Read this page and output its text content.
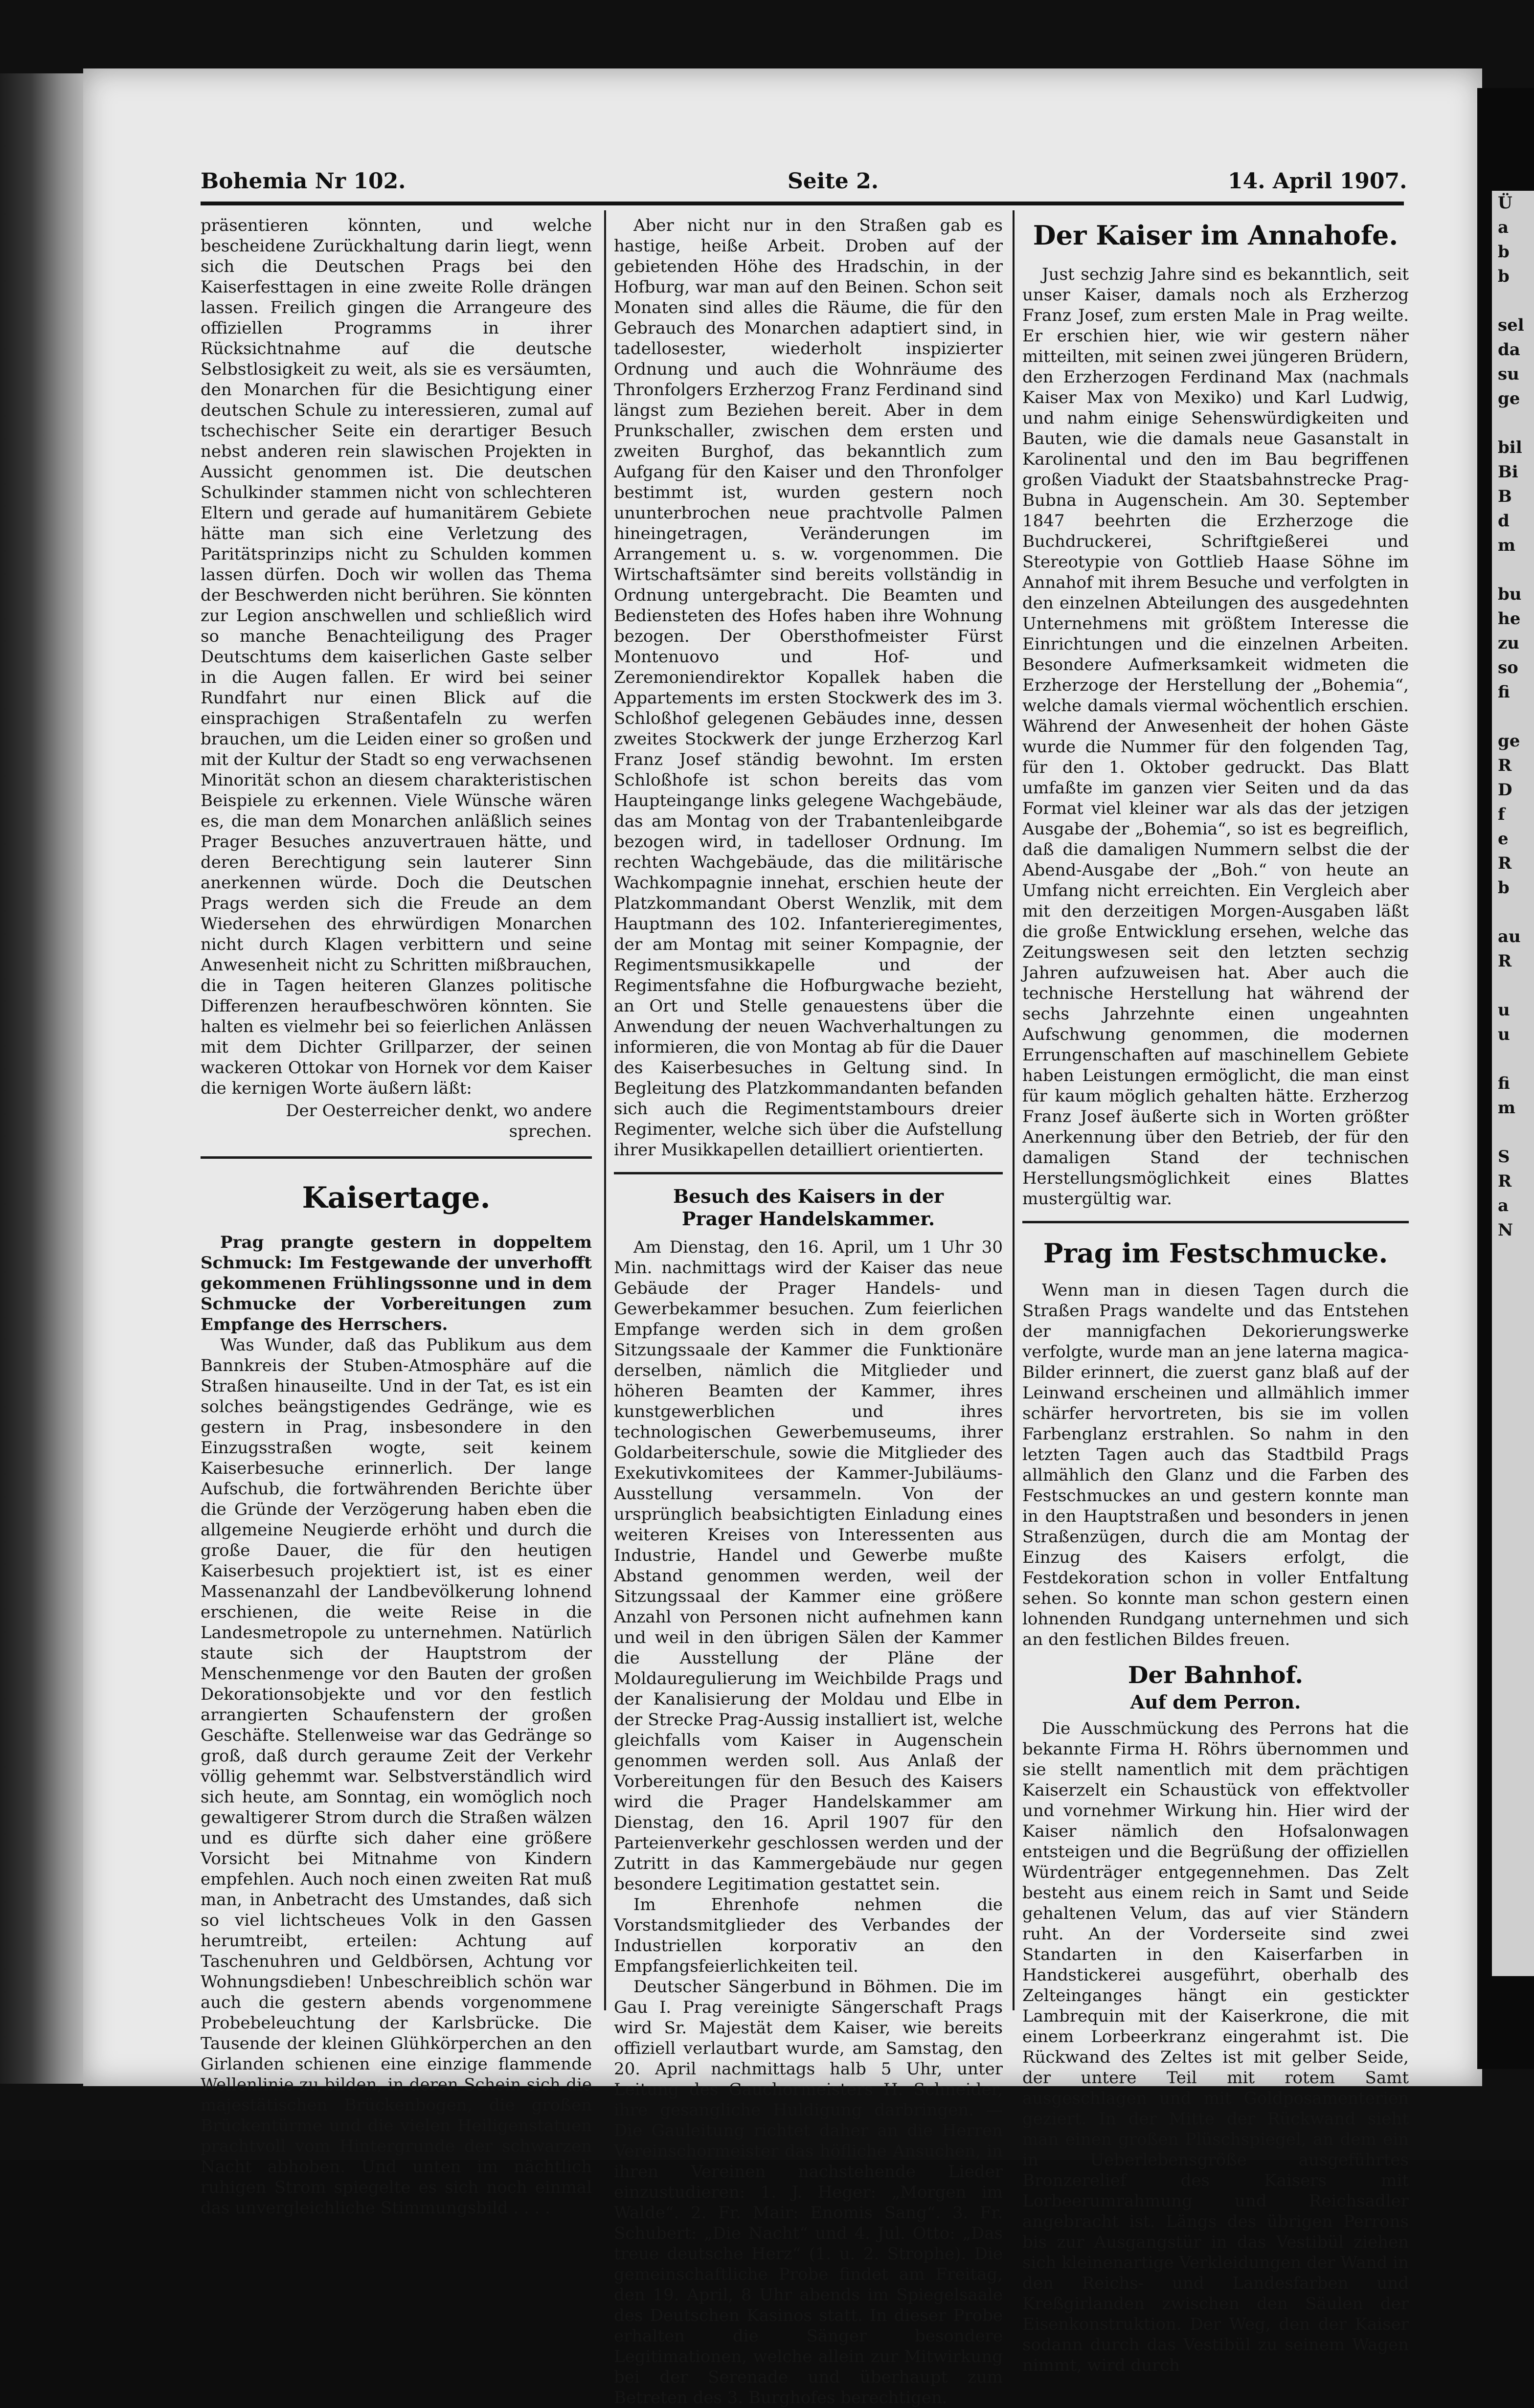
Ü
a
b
b

sel
da
su
ge

bil
Bi
B
d
m

bu
he
zu
so
fi

ge
R
D
f
e
R
b

au
R

u
u

fi
m

S
R
a
N
Bohemia Nr 102.	Seite 2.	14. April 1907.

präsentieren könnten, und welche bescheidene Zurückhaltung darin liegt, wenn sich die Deutschen Prags bei den Kaiserfesttagen in eine zweite Rolle drängen lassen. Freilich gingen die Arrangeure des offiziellen Programms in ihrer Rücksichtnahme auf die deutsche Selbstlosigkeit zu weit, als sie es versäumten, den Monarchen für die Besichtigung einer deutschen Schule zu interessieren, zumal auf tschechischer Seite ein derartiger Besuch nebst anderen rein slawischen Projekten in Aussicht genommen ist. Die deutschen Schulkinder stammen nicht von schlechteren Eltern und gerade auf humanitärem Gebiete hätte man sich eine Verletzung des Paritätsprinzips nicht zu Schulden kommen lassen dürfen. Doch wir wollen das Thema der Beschwerden nicht berühren. Sie könnten zur Legion anschwellen und schließlich wird so manche Benachteiligung des Prager Deutschtums dem kaiserlichen Gaste selber in die Augen fallen. Er wird bei seiner Rundfahrt nur einen Blick auf die einsprachigen Straßentafeln zu werfen brauchen, um die Leiden einer so großen und mit der Kultur der Stadt so eng verwachsenen Minorität schon an diesem charakteristischen Beispiele zu erkennen. Viele Wünsche wären es, die man dem Monarchen anläßlich seines Prager Besuches anzuvertrauen hätte, und deren Berechtigung sein lauterer Sinn anerkennen würde. Doch die Deutschen Prags werden sich die Freude an dem Wiedersehen des ehrwürdigen Monarchen nicht durch Klagen verbittern und seine Anwesenheit nicht zu Schritten mißbrauchen, die in Tagen heiteren Glanzes politische Differenzen heraufbeschwören könnten. Sie halten es vielmehr bei so feierlichen Anlässen mit dem Dichter Grillparzer, der seinen wackeren Ottokar von Hornek vor dem Kaiser die kernigen Worte äußern läßt:

Der Oesterreicher denkt, wo andere sprechen.

Kaisertage.

Prag prangte gestern in doppeltem Schmuck: Im Festgewande der unverhofft gekommenen Frühlingssonne und in dem Schmucke der Vorbereitungen zum Empfange des Herrschers.

Was Wunder, daß das Publikum aus dem Bannkreis der Stuben-Atmosphäre auf die Straßen hinauseilte. Und in der Tat, es ist ein solches beängstigendes Gedränge, wie es gestern in Prag, insbesondere in den Einzugsstraßen wogte, seit keinem Kaiserbesuche erinnerlich. Der lange Aufschub, die fortwährenden Berichte über die Gründe der Verzögerung haben eben die allgemeine Neugierde erhöht und durch die große Dauer, die für den heutigen Kaiserbesuch projektiert ist, ist es einer Massenanzahl der Landbevölkerung lohnend erschienen, die weite Reise in die Landesmetropole zu unternehmen. Natürlich staute sich der Hauptstrom der Menschenmenge vor den Bauten der großen Dekorationsobjekte und vor den festlich arrangierten Schaufenstern der großen Geschäfte. Stellenweise war das Gedränge so groß, daß durch geraume Zeit der Verkehr völlig gehemmt war. Selbstverständlich wird sich heute, am Sonntag, ein womöglich noch gewaltigerer Strom durch die Straßen wälzen und es dürfte sich daher eine größere Vorsicht bei Mitnahme von Kindern empfehlen. Auch noch einen zweiten Rat muß man, in Anbetracht des Umstandes, daß sich so viel lichtscheues Volk in den Gassen herumtreibt, erteilen: Achtung auf Taschenuhren und Geldbörsen, Achtung vor Wohnungsdieben! Unbeschreiblich schön war auch die gestern abends vorgenommene Probebeleuchtung der Karlsbrücke. Die Tausende der kleinen Glühkörperchen an den Girlanden schienen eine einzige flammende Wellenlinie zu bilden, in deren Schein sich die majestätischen Brückenbogen, die großen Brückentürme und die vielen Heiligenstatuen prachtvoll vom Hintergrunde der schwarzen Nacht abhoben. Und unten im nächtlich ruhigen Strom spiegelte es sich noch einmal das unvergleichliche Stimmungsbild . . . .

Aber nicht nur in den Straßen gab es hastige, heiße Arbeit. Droben auf der gebietenden Höhe des Hradschin, in der Hofburg, war man auf den Beinen. Schon seit Monaten sind alles die Räume, die für den Gebrauch des Monarchen adaptiert sind, in tadellosester, wiederholt inspizierter Ordnung und auch die Wohnräume des Thronfolgers Erzherzog Franz Ferdinand sind längst zum Beziehen bereit. Aber in dem Prunkschaller, zwischen dem ersten und zweiten Burghof, das bekanntlich zum Aufgang für den Kaiser und den Thronfolger bestimmt ist, wurden gestern noch ununterbrochen neue prachtvolle Palmen hineingetragen, Veränderungen im Arrangement u. s. w. vorgenommen. Die Wirtschaftsämter sind bereits vollständig in Ordnung untergebracht. Die Beamten und Bediensteten des Hofes haben ihre Wohnung bezogen. Der Obersthofmeister Fürst Montenuovo und Hof- und Zeremoniendirektor Kopallek haben die Appartements im ersten Stockwerk des im 3. Schloßhof gelegenen Gebäudes inne, dessen zweites Stockwerk der junge Erzherzog Karl Franz Josef ständig bewohnt. Im ersten Schloßhofe ist schon bereits das vom Haupteingange links gelegene Wachgebäude, das am Montag von der Trabantenleibgarde bezogen wird, in tadelloser Ordnung. Im rechten Wachgebäude, das die militärische Wachkompagnie innehat, erschien heute der Platzkommandant Oberst Wenzlik, mit dem Hauptmann des 102. Infanterieregimentes, der am Montag mit seiner Kompagnie, der Regimentsmusikkapelle und der Regimentsfahne die Hofburgwache bezieht, an Ort und Stelle genauestens über die Anwendung der neuen Wachverhaltungen zu informieren, die von Montag ab für die Dauer des Kaiserbesuches in Geltung sind. In Begleitung des Platzkommandanten befanden sich auch die Regimentstambours dreier Regimenter, welche sich über die Aufstellung ihrer Musikkapellen detailliert orientierten.

Besuch des Kaisers in der
Prager Handelskammer.

Am Dienstag, den 16. April, um 1 Uhr 30 Min. nachmittags wird der Kaiser das neue Gebäude der Prager Handels- und Gewerbekammer besuchen. Zum feierlichen Empfange werden sich in dem großen Sitzungssaale der Kammer die Funktionäre derselben, nämlich die Mitglieder und höheren Beamten der Kammer, ihres kunstgewerblichen und ihres technologischen Gewerbemuseums, ihrer Goldarbeiterschule, sowie die Mitglieder des Exekutivkomitees der Kammer-Jubiläums-Ausstellung versammeln. Von der ursprünglich beabsichtigten Einladung eines weiteren Kreises von Interessenten aus Industrie, Handel und Gewerbe mußte Abstand genommen werden, weil der Sitzungssaal der Kammer eine größere Anzahl von Personen nicht aufnehmen kann und weil in den übrigen Sälen der Kammer die Ausstellung der Pläne der Moldauregulierung im Weichbilde Prags und der Kanalisierung der Moldau und Elbe in der Strecke Prag-Aussig installiert ist, welche gleichfalls vom Kaiser in Augenschein genommen werden soll. Aus Anlaß der Vorbereitungen für den Besuch des Kaisers wird die Prager Handelskammer am Dienstag, den 16. April 1907 für den Parteienverkehr geschlossen werden und der Zutritt in das Kammergebäude nur gegen besondere Legitimation gestattet sein.

Im Ehrenhofe nehmen die Vorstandsmitglieder des Verbandes der Industriellen korporativ an den Empfangsfeierlichkeiten teil.

Deutscher Sängerbund in Böhmen. Die im Gau I. Prag vereinigte Sängerschaft Prags wird Sr. Majestät dem Kaiser, wie bereits offiziell verlautbart wurde, am Samstag, den 20. April nachmittags halb 5 Uhr, unter Leitung des Gauchormeisters H. Schneider, ihre gesangliche Huldigung darbringen. — Die Gauleitung richtet daher an die Herren Vereinschormeister das höfliche Ansuchen, in ihren Vereinen nachstehende Lieder einzustudieren: 1. J. Heger: „Morgen im Walde“. 2. Fr. Mair: Enomis Sang“. 3. Fr. Schubert: „Die Nacht“ und 4. Jul. Otto: „Das treue deutsche Herz“ (1. u. 2. Strophe). Die gemeinschaftliche Probe findet am Freitag, den 19. April, 8 Uhr abends im Spiegelsaale des Deutschen Kasinos statt. In dieser Probe erhalten die Sänger besondere Legitimationen, welche allein zur Mitwirkung bei der Serenade und überhaupt zum Betreten des 3. Burghofes berechtigen.

Der Kaiser im Annahofe.

Just sechzig Jahre sind es bekanntlich, seit unser Kaiser, damals noch als Erzherzog Franz Josef, zum ersten Male in Prag weilte. Er erschien hier, wie wir gestern näher mitteilten, mit seinen zwei jüngeren Brüdern, den Erzherzogen Ferdinand Max (nachmals Kaiser Max von Mexiko) und Karl Ludwig, und nahm einige Sehenswürdigkeiten und Bauten, wie die damals neue Gasanstalt in Karolinental und den im Bau begriffenen großen Viadukt der Staatsbahnstrecke Prag-Bubna in Augenschein. Am 30. September 1847 beehrten die Erzherzoge die Buchdruckerei, Schriftgießerei und Stereotypie von Gottlieb Haase Söhne im Annahof mit ihrem Besuche und verfolgten in den einzelnen Abteilungen des ausgedehnten Unternehmens mit größtem Interesse die Einrichtungen und die einzelnen Arbeiten. Besondere Aufmerksamkeit widmeten die Erzherzoge der Herstellung der „Bohemia“, welche damals viermal wöchentlich erschien. Während der Anwesenheit der hohen Gäste wurde die Nummer für den folgenden Tag, für den 1. Oktober gedruckt. Das Blatt umfaßte im ganzen vier Seiten und da das Format viel kleiner war als das der jetzigen Ausgabe der „Bohemia“, so ist es begreiflich, daß die damaligen Nummern selbst die der Abend-Ausgabe der „Boh.“ von heute an Umfang nicht erreichten. Ein Vergleich aber mit den derzeitigen Morgen-Ausgaben läßt die große Entwicklung ersehen, welche das Zeitungswesen seit den letzten sechzig Jahren aufzuweisen hat. Aber auch die technische Herstellung hat während der sechs Jahrzehnte einen ungeahnten Aufschwung genommen, die modernen Errungenschaften auf maschinellem Gebiete haben Leistungen ermöglicht, die man einst für kaum möglich gehalten hätte. Erzherzog Franz Josef äußerte sich in Worten größter Anerkennung über den Betrieb, der für den damaligen Stand der technischen Herstellungsmöglichkeit eines Blattes mustergültig war.

Prag im Festschmucke.

Wenn man in diesen Tagen durch die Straßen Prags wandelte und das Entstehen der mannigfachen Dekorierungswerke verfolgte, wurde man an jene laterna magica-Bilder erinnert, die zuerst ganz blaß auf der Leinwand erscheinen und allmählich immer schärfer hervortreten, bis sie im vollen Farbenglanz erstrahlen. So nahm in den letzten Tagen auch das Stadtbild Prags allmählich den Glanz und die Farben des Festschmuckes an und gestern konnte man in den Hauptstraßen und besonders in jenen Straßenzügen, durch die am Montag der Einzug des Kaisers erfolgt, die Festdekoration schon in voller Entfaltung sehen. So konnte man schon gestern einen lohnenden Rundgang unternehmen und sich an den festlichen Bildes freuen.

Der Bahnhof.
Auf dem Perron.

Die Ausschmückung des Perrons hat die bekannte Firma H. Röhrs übernommen und sie stellt namentlich mit dem prächtigen Kaiserzelt ein Schaustück von effektvoller und vornehmer Wirkung hin. Hier wird der Kaiser nämlich den Hofsalonwagen entsteigen und die Begrüßung der offiziellen Würdenträger entgegennehmen. Das Zelt besteht aus einem reich in Samt und Seide gehaltenen Velum, das auf vier Ständern ruht. An der Vorderseite sind zwei Standarten in den Kaiserfarben in Handstickerei ausgeführt, oberhalb des Zelteinganges hängt ein gestickter Lambrequin mit der Kaiserkrone, die mit einem Lorbeerkranz eingerahmt ist. Die Rückwand des Zeltes ist mit gelber Seide, der untere Teil mit rotem Samt ausgeschlagen und mit Goldposamenterien geziert. In der Mitte der Rückwand sieht man einen großen Plüschspiegel, an dem ein in Ueberlebensgröße ausgeführtes Bronzerelief des Kaisers mit Lorbeerumrahmung und Reichsadler angebracht ist. Längs des übrigen Perrons bis zur Ausgangstür in das Vestibül ziehen sich kleinenartige Verkleidungen der Wand in den Reichs- und Landesfarben und Kreßgirlanden zwischen den Säulen der Eisenkonstruktion. Der Weg, den der Kaiser sodann durch das Vestibül zu seinem Wagen nimmt, wird durch
